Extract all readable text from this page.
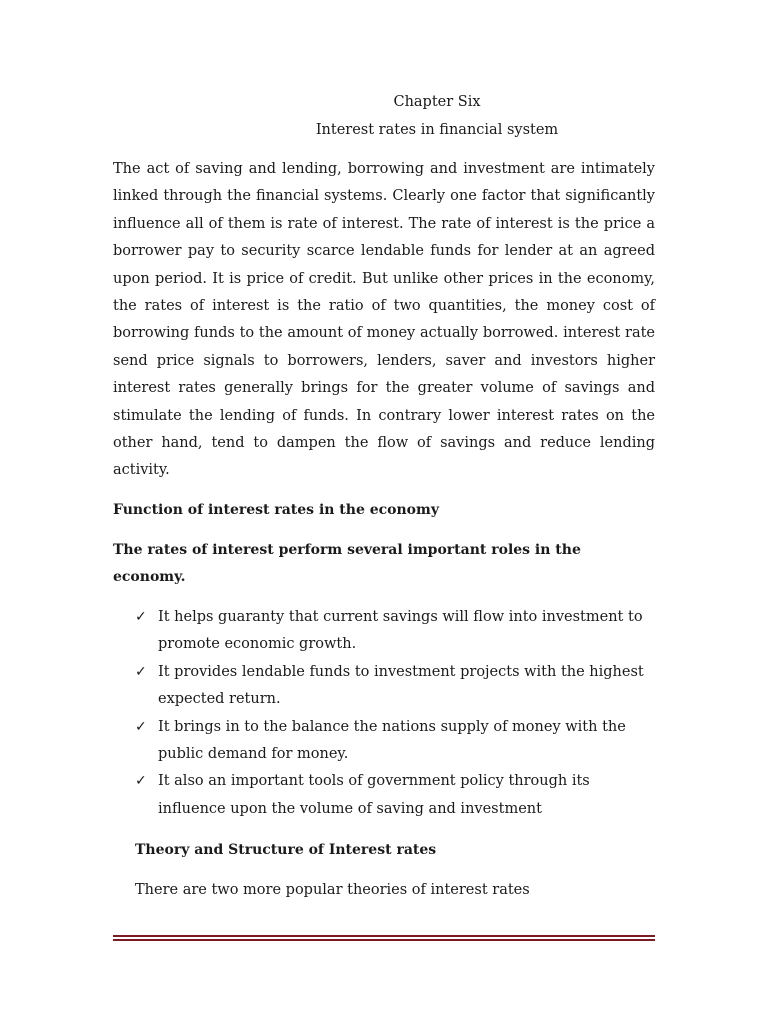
Chapter Six
Interest rates in financial system

The act of saving and lending, borrowing and investment are intimately linked through the financial systems. Clearly one factor that significantly influence all of them is rate of interest. The rate of interest is the price a borrower pay to security scarce lendable funds for lender at an agreed upon period. It is price of credit. But unlike other prices in the economy, the rates of interest is the ratio of two quantities, the money cost of borrowing funds to the amount of money actually borrowed. interest rate send price signals to borrowers, lenders, saver and investors higher interest rates generally brings for the greater volume of savings and stimulate the lending of funds. In contrary lower interest rates on the other hand, tend to dampen the flow of savings and reduce lending activity.

Function of interest rates in the economy

The rates of interest perform several important roles in the economy.

✓ It helps guaranty that current savings will flow into investment to promote economic growth.
✓ It provides lendable funds to investment projects with the highest expected return.
✓ It brings in to the balance the nations supply of money with the public demand for money.
✓ It also an important tools of government policy through its influence upon the volume of saving and investment

Theory and Structure of Interest rates

There are two more popular theories of interest rates
